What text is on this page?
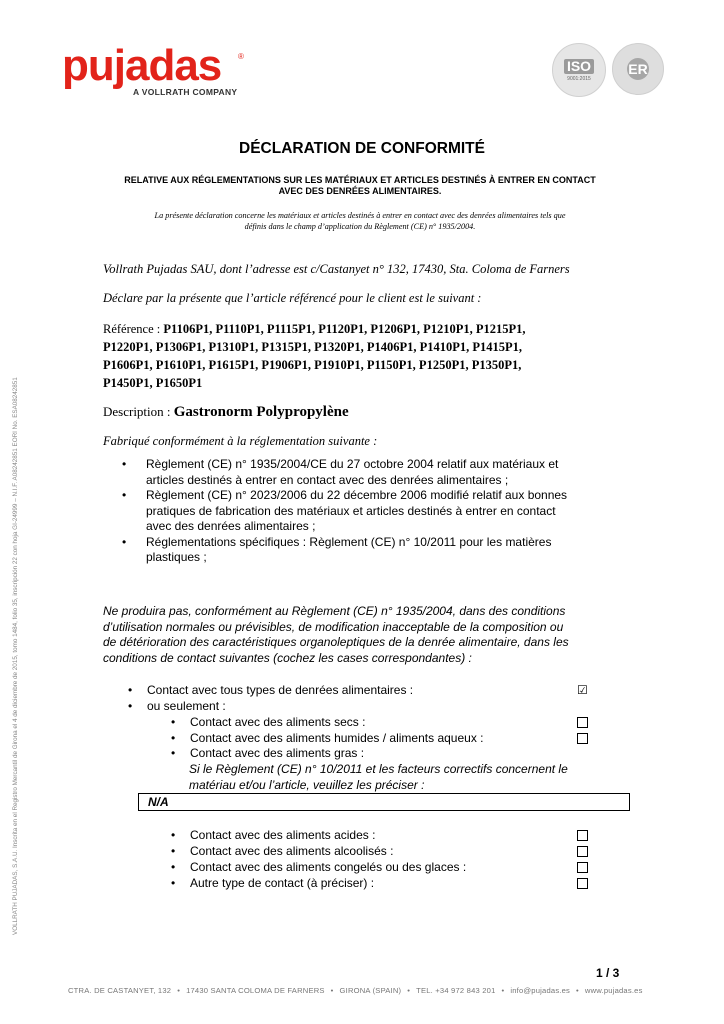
pujadas ®
A VOLLRATH COMPANY
ISO
9001:2015
ER
DÉCLARATION DE CONFORMITÉ
RELATIVE AUX RÉGLEMENTATIONS SUR LES MATÉRIAUX ET ARTICLES DESTINÉS À ENTRER EN CONTACT
AVEC DES DENRÉES ALIMENTAIRES.
La présente déclaration concerne les matériaux et articles destinés à entrer en contact avec des denrées alimentaires tels que
définis dans le champ d’application du Règlement (CE) n° 1935/2004.
Vollrath Pujadas SAU, dont l’adresse est c/Castanyet n° 132, 17430, Sta. Coloma de Farners
Déclare par la présente que l’article référencé pour le client est le suivant :
Référence : P1106P1, P1110P1, P1115P1, P1120P1, P1206P1, P1210P1, P1215P1,
P1220P1, P1306P1, P1310P1, P1315P1, P1320P1, P1406P1, P1410P1, P1415P1,
P1606P1, P1610P1, P1615P1, P1906P1, P1910P1, P1150P1, P1250P1, P1350P1,
P1450P1, P1650P1
Description : Gastronorm Polypropylène
Fabriqué conformément à la réglementation suivante :
• Règlement (CE) n° 1935/2004/CE du 27 octobre 2004 relatif aux matériaux et
articles destinés à entrer en contact avec des denrées alimentaires ;
• Règlement (CE) n° 2023/2006 du 22 décembre 2006 modifié relatif aux bonnes
pratiques de fabrication des matériaux et articles destinés à entrer en contact
avec des denrées alimentaires ;
• Réglementations spécifiques : Règlement (CE) n° 10/2011 pour les matières
plastiques ;
Ne produira pas, conformément au Règlement (CE) n° 1935/2004, dans des conditions
d’utilisation normales ou prévisibles, de modification inacceptable de la composition ou
de détérioration des caractéristiques organoleptiques de la denrée alimentaire, dans les
conditions de contact suivantes (cochez les cases correspondantes) :
• Contact avec tous types de denrées alimentaires :	☑
• ou seulement :
• Contact avec des aliments secs :
• Contact avec des aliments humides / aliments aqueux :
• Contact avec des aliments gras :
Si le Règlement (CE) n° 10/2011 et les facteurs correctifs concernent le
matériau et/ou l’article, veuillez les préciser :
N/A
• Contact avec des aliments acides :
• Contact avec des aliments alcoolisés :
• Contact avec des aliments congelés ou des glaces :
• Autre type de contact (à préciser) :
VOLLRATH PUJADAS, S.A.U. Inscrita en el Registro Mercantil de Girona el 4 de diciembre de 2015, tomo 1484, folio 35, inscripción 22 con hoja GI-24999 – N.I.F. A08242851 EORI No. ESA08242851
1 / 3
CTRA. DE CASTANYET, 132 • 17430 SANTA COLOMA DE FARNERS • GIRONA (SPAIN) • TEL. +34 972 843 201 • info@pujadas.es • www.pujadas.es
